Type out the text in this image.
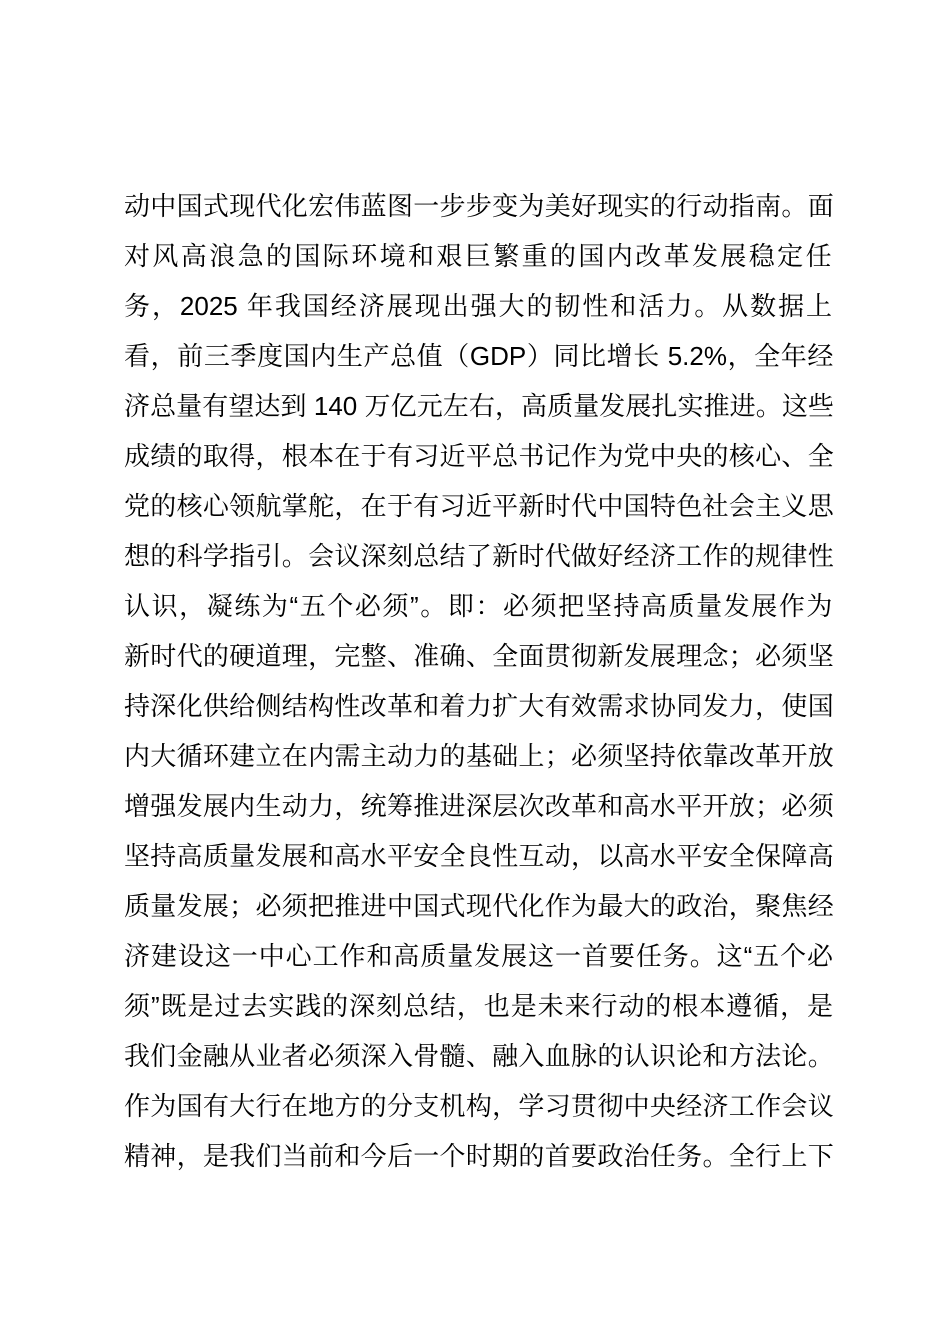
动中国式现代化宏伟蓝图一步步变为美好现实的行动指南。面
对风高浪急的国际环境和艰巨繁重的国内改革发展稳定任
务，2025 年我国经济展现出强大的韧性和活力。从数据上
看，前三季度国内生产总值（GDP）同比增长 5.2%，全年经
济总量有望达到 140 万亿元左右，高质量发展扎实推进。这些
成绩的取得，根本在于有习近平总书记作为党中央的核心、全
党的核心领航掌舵，在于有习近平新时代中国特色社会主义思
想的科学指引。会议深刻总结了新时代做好经济工作的规律性
认识，凝练为“五个必须”。即：必须把坚持高质量发展作为
新时代的硬道理，完整、准确、全面贯彻新发展理念；必须坚
持深化供给侧结构性改革和着力扩大有效需求协同发力，使国
内大循环建立在内需主动力的基础上；必须坚持依靠改革开放
增强发展内生动力，统筹推进深层次改革和高水平开放；必须
坚持高质量发展和高水平安全良性互动，以高水平安全保障高
质量发展；必须把推进中国式现代化作为最大的政治，聚焦经
济建设这一中心工作和高质量发展这一首要任务。这“五个必
须”既是过去实践的深刻总结，也是未来行动的根本遵循，是
我们金融从业者必须深入骨髓、融入血脉的认识论和方法论。
作为国有大行在地方的分支机构，学习贯彻中央经济工作会议
精神，是我们当前和今后一个时期的首要政治任务。全行上下
